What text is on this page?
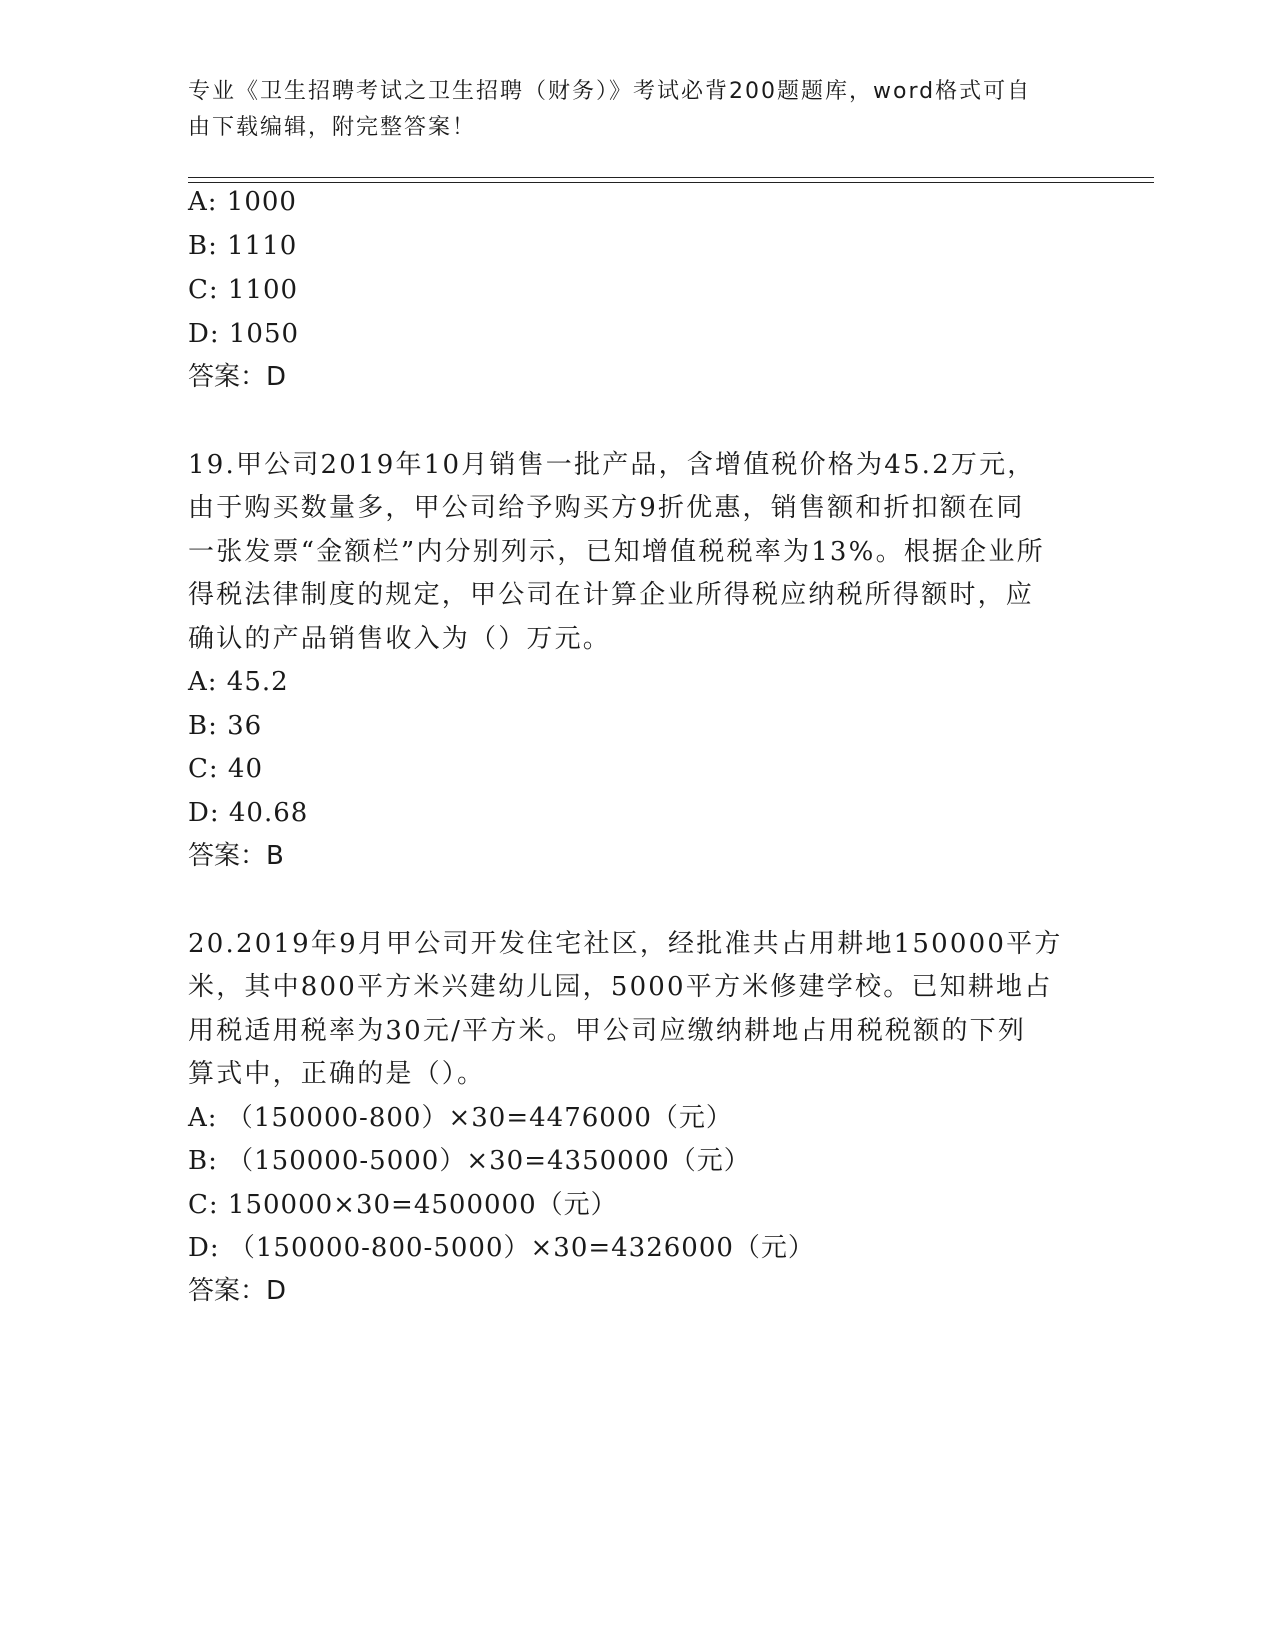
专业《卫生招聘考试之卫生招聘（财务）》考试必背200题题库，word格式可自
由下载编辑，附完整答案！
A: 1000
B: 1110
C: 1100
D: 1050
答案：D
19.甲公司2019年10月销售一批产品，含增值税价格为45.2万元，
由于购买数量多，甲公司给予购买方9折优惠，销售额和折扣额在同
一张发票“金额栏”内分别列示，已知增值税税率为13%。根据企业所
得税法律制度的规定，甲公司在计算企业所得税应纳税所得额时，应
确认的产品销售收入为（）万元。
A: 45.2
B: 36
C: 40
D: 40.68
答案：B
20.2019年9月甲公司开发住宅社区，经批准共占用耕地150000平方
米，其中800平方米兴建幼儿园，5000平方米修建学校。已知耕地占
用税适用税率为30元/平方米。甲公司应缴纳耕地占用税税额的下列
算式中，正确的是（）。
A: （150000-800）×30=4476000（元）
B: （150000-5000）×30=4350000（元）
C: 150000×30=4500000（元）
D: （150000-800-5000）×30=4326000（元）
答案：D
